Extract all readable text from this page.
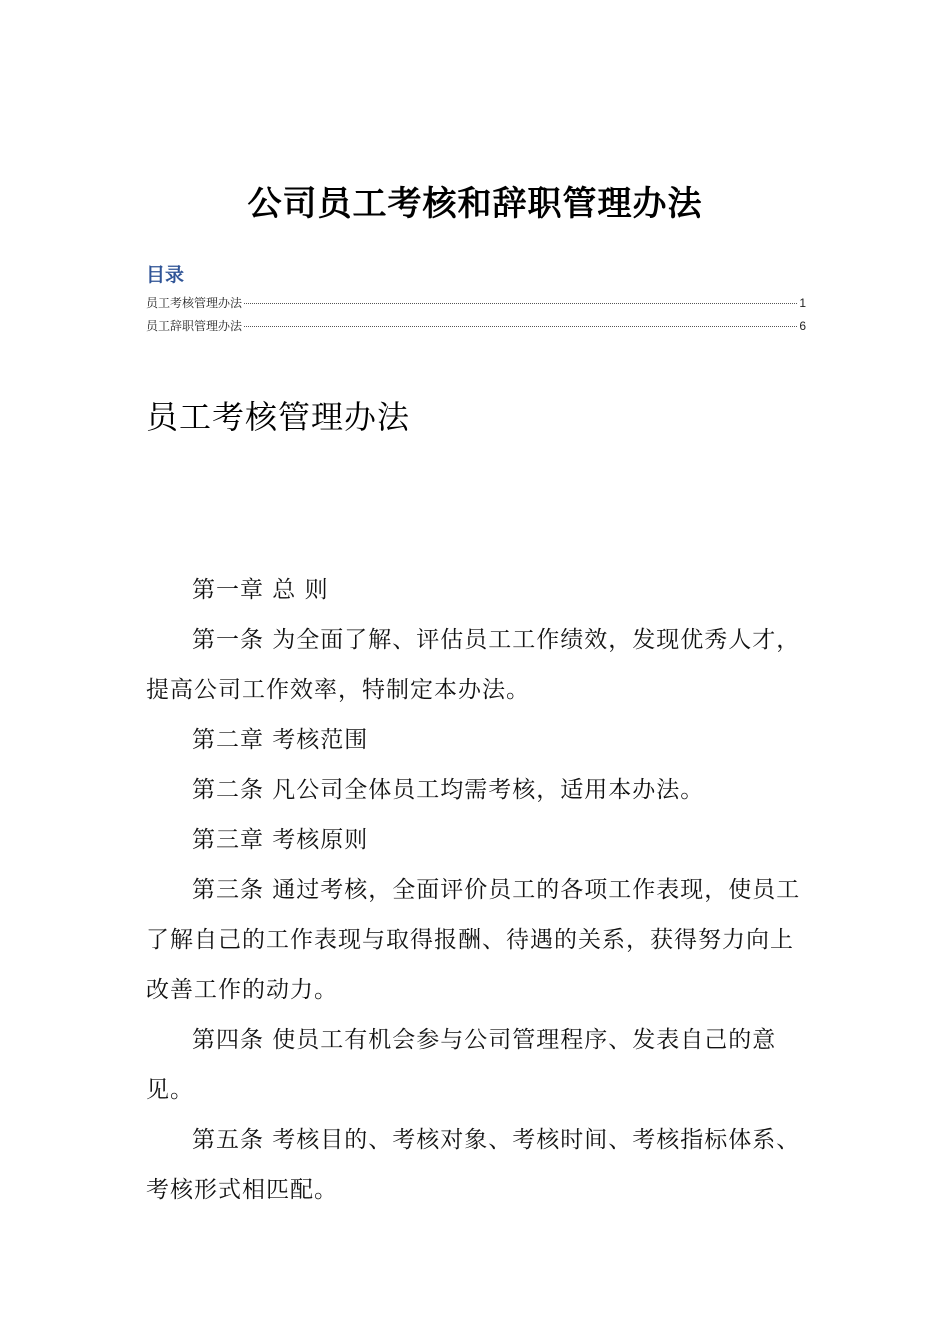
公司员工考核和辞职管理办法
目录
员工考核管理办法	1
员工辞职管理办法	6
员工考核管理办法

第一章 总 则

第一条 为全面了解、评估员工工作绩效，发现优秀人才，提高公司工作效率，特制定本办法。

第二章 考核范围

第二条 凡公司全体员工均需考核，适用本办法。

第三章 考核原则

第三条 通过考核，全面评价员工的各项工作表现，使员工了解自己的工作表现与取得报酬、待遇的关系，获得努力向上改善工作的动力。

第四条 使员工有机会参与公司管理程序、发表自己的意见。

第五条 考核目的、考核对象、考核时间、考核指标体系、考核形式相匹配。
